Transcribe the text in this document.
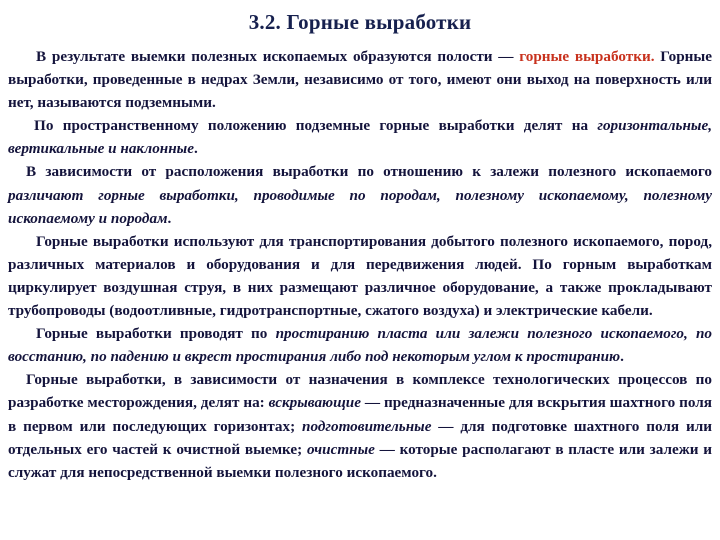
3.2. Горные выработки

В результате выемки полезных ископаемых образуются полости — горные выработки. Горные выработки, проведенные в недрах Земли, независимо от того, имеют они выход на поверхность или нет, называются подземными.

По пространственному положению подземные горные выработки делят на горизонтальные, вертикальные и наклонные.

В зависимости от расположения выработки по отношению к залежи полезного ископаемого различают горные выработки, проводимые по породам, полезному ископаемому, полезному ископаемому и породам.

Горные выработки используют для транспортирования добытого полезного ископаемого, пород, различных материалов и оборудования и для передвижения людей. По горным выработкам циркулирует воздушная струя, в них размещают различное оборудование, а также прокладывают трубопроводы (водоотливные, гидротранспортные, сжатого воздуха) и электрические кабели.

Горные выработки проводят по простиранию пласта или залежи полезного ископаемого, по восстанию, по падению и вкрест простирания либо под некоторым углом к простиранию.

Горные выработки, в зависимости от назначения в комплексе технологических процессов по разработке месторождения, делят на: вскрывающие — предназначенные для вскрытия шахтного поля в первом или последующих горизонтах; подготовительные — для подготовке шахтного поля или отдельных его частей к очистной выемке; очистные — которые располагают в пласте или залежи и служат для непосредственной выемки полезного ископаемого.
